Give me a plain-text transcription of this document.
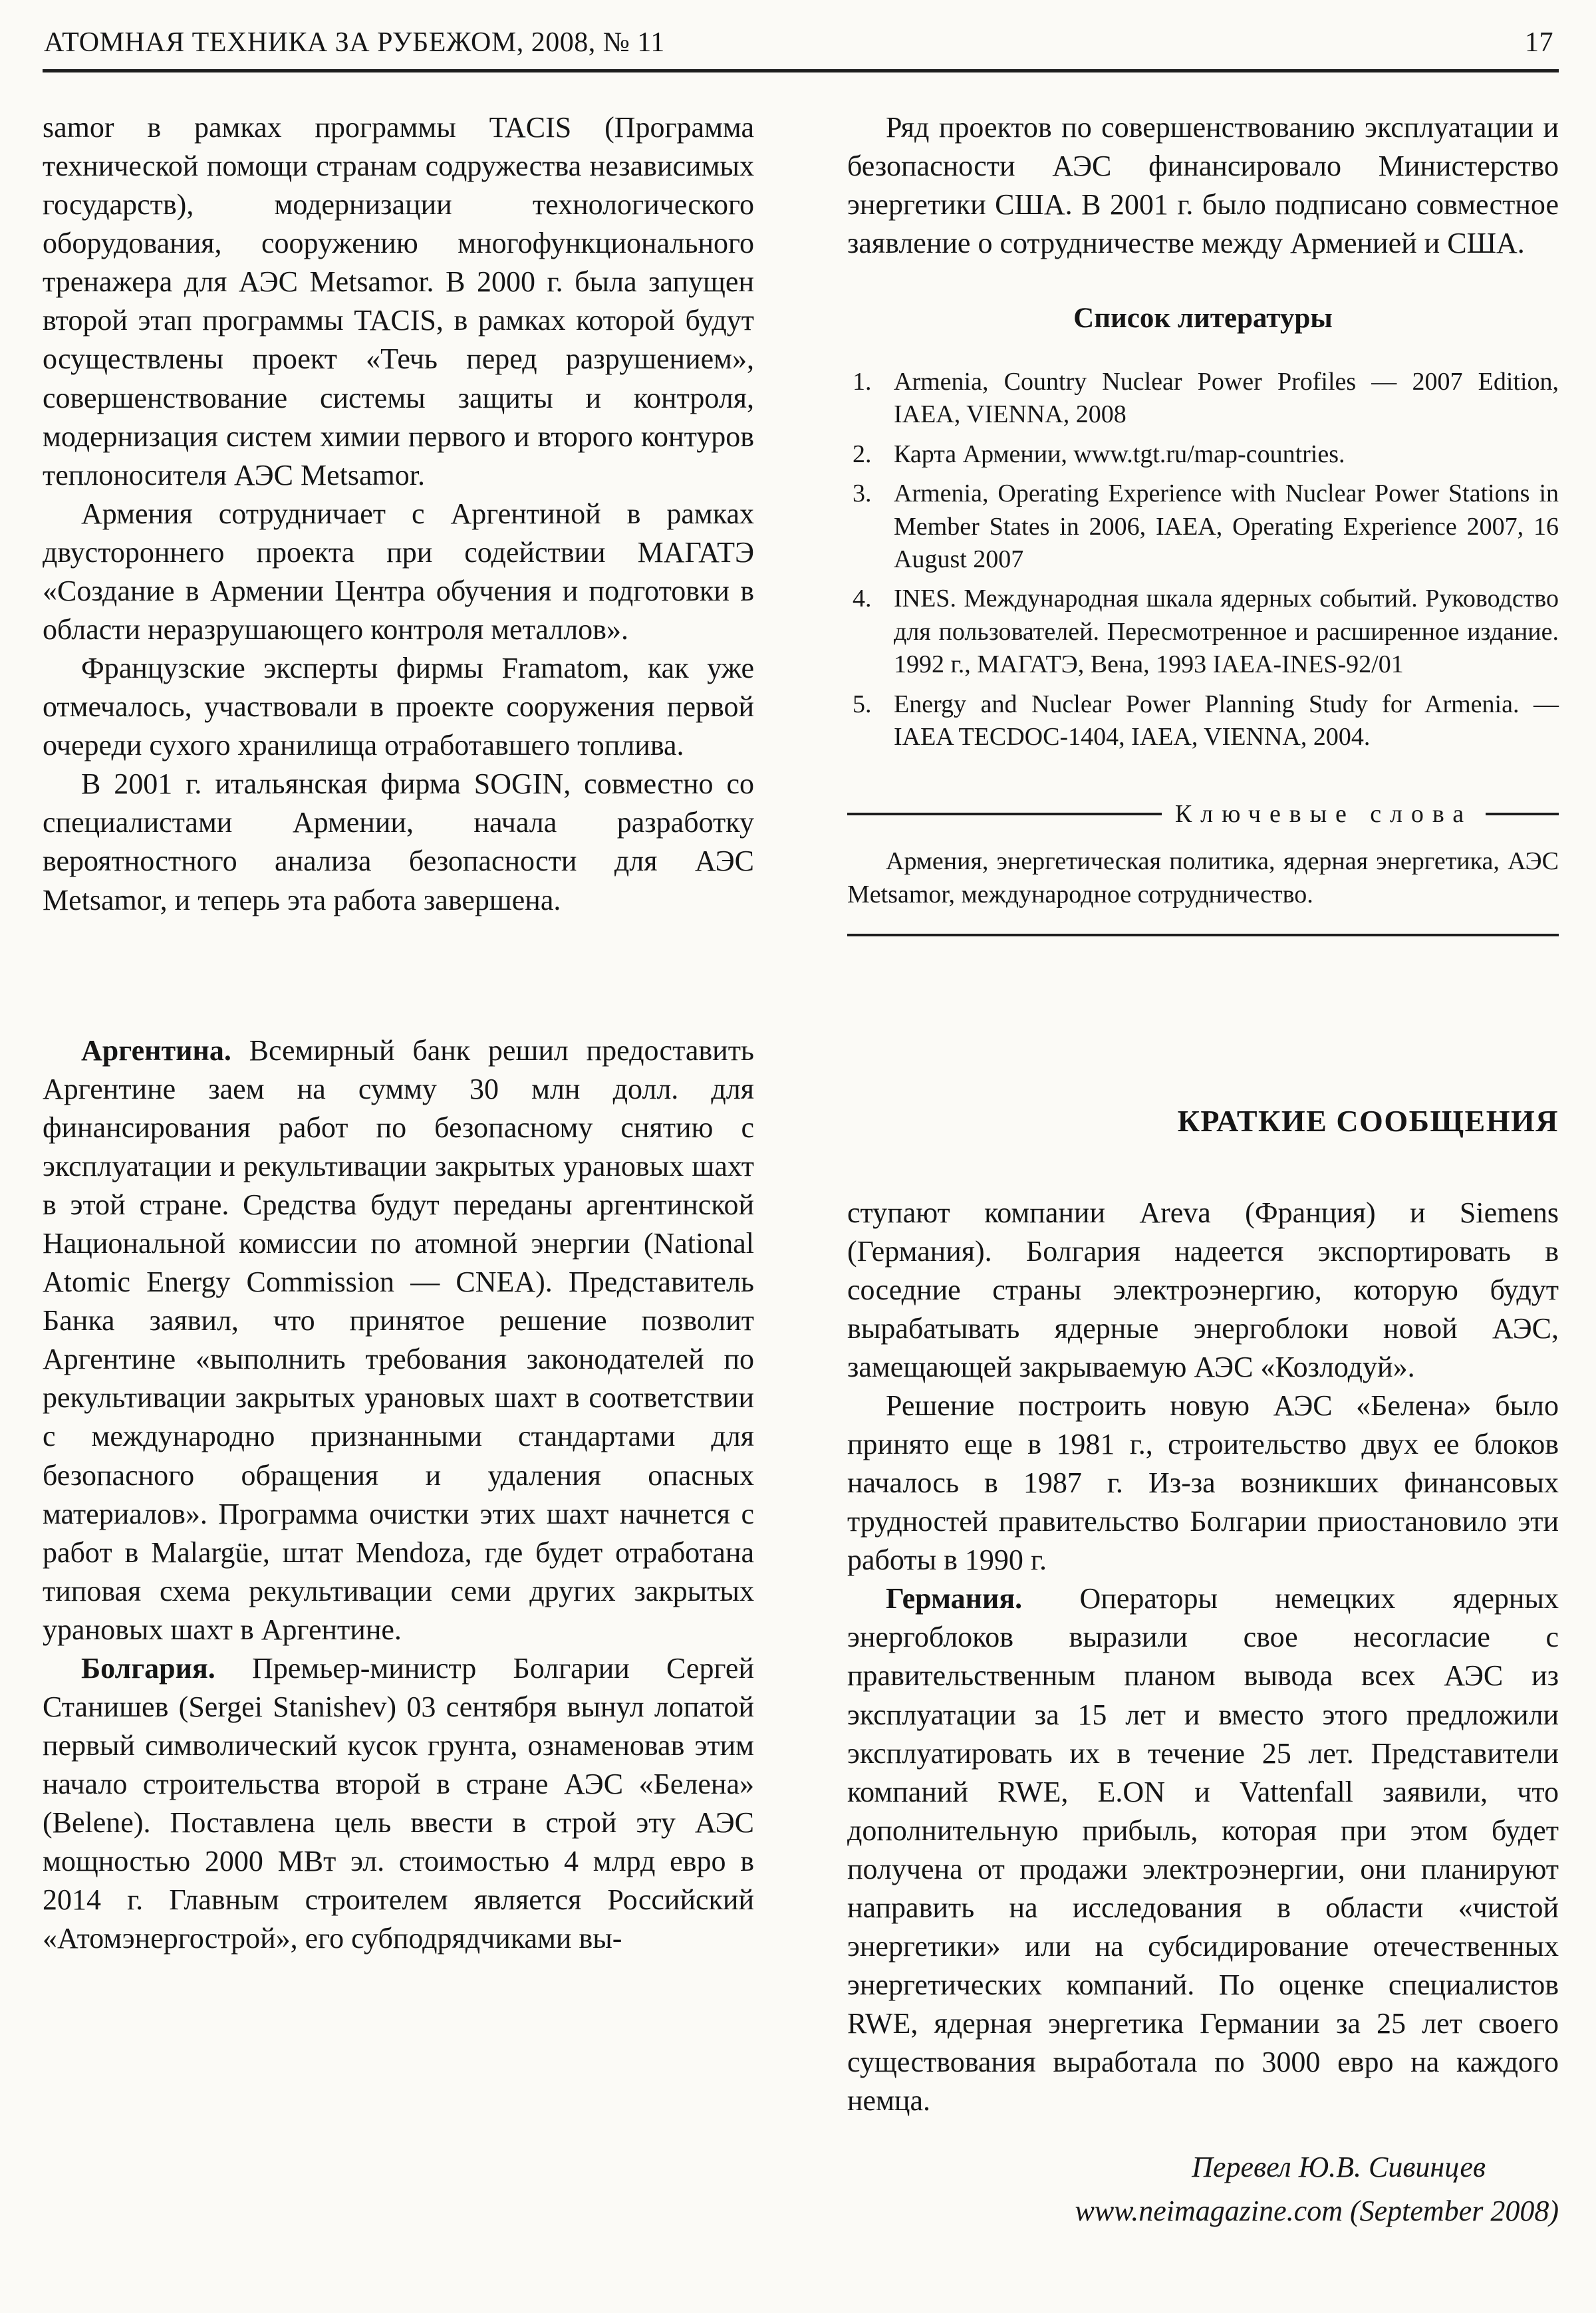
АТОМНАЯ ТЕХНИКА ЗА РУБЕЖОМ, 2008, № 11	17

samor в рамках программы TACIS (Программа технической помощи странам содружества независимых государств), модернизации технологического оборудования, сооружению многофункционального тренажера для АЭС Metsamor. В 2000 г. была запущен второй этап программы TACIS, в рамках которой будут осуществлены проект «Течь перед разрушением», совершенствование системы защиты и контроля, модернизация систем химии первого и второго контуров теплоносителя АЭС Metsamor.

Армения сотрудничает с Аргентиной в рамках двустороннего проекта при содействии МАГАТЭ «Создание в Армении Центра обучения и подготовки в области неразрушающего контроля металлов».

Французские эксперты фирмы Framatom, как уже отмечалось, участвовали в проекте сооружения первой очереди сухого хранилища отработавшего топлива.

В 2001 г. итальянская фирма SOGIN, совместно со специалистами Армении, начала разработку вероятностного анализа безопасности для АЭС Metsamor, и теперь эта работа завершена.

Аргентина. Всемирный банк решил предоставить Аргентине заем на сумму 30 млн долл. для финансирования работ по безопасному снятию с эксплуатации и рекультивации закрытых урановых шахт в этой стране. Средства будут переданы аргентинской Национальной комиссии по атомной энергии (National Atomic Energy Commission — CNEA). Представитель Банка заявил, что принятое решение позволит Аргентине «выполнить требования законодателей по рекультивации закрытых урановых шахт в соответствии с международно признанными стандартами для безопасного обращения и удаления опасных материалов». Программа очистки этих шахт начнется с работ в Malargüe, штат Mendoza, где будет отработана типовая схема рекультивации семи других закрытых урановых шахт в Аргентине.

Болгария. Премьер-министр Болгарии Сергей Станишев (Sergei Stanishev) 03 сентября вынул лопатой первый символический кусок грунта, ознаменовав этим начало строительства второй в стране АЭС «Белена» (Belene). Поставлена цель ввести в строй эту АЭС мощностью 2000 МВт эл. стоимостью 4 млрд евро в 2014 г. Главным строителем является Российский «Атомэнергострой», его субподрядчиками вы-

Ряд проектов по совершенствованию эксплуатации и безопасности АЭС финансировало Министерство энергетики США. В 2001 г. было подписано совместное заявление о сотрудничестве между Арменией и США.

Список литературы
1. Armenia, Country Nuclear Power Profiles — 2007 Edition, IAEA, VIENNA, 2008
2. Карта Армении, www.tgt.ru/map-countries.
3. Armenia, Operating Experience with Nuclear Power Stations in Member States in 2006, IAEA, Operating Experience 2007, 16 August 2007
4. INES. Международная шкала ядерных событий. Руководство для пользователей. Пересмотренное и расширенное издание. 1992 г., МАГАТЭ, Вена, 1993 IAEA-INES-92/01
5. Energy and Nuclear Power Planning Study for Armenia. — IAEA TECDOC-1404, IAEA, VIENNA, 2004.
Ключевые слова

Армения, энергетическая политика, ядерная энергетика, АЭС Metsamor, международное сотрудничество.

КРАТКИЕ СООБЩЕНИЯ

ступают компании Areva (Франция) и Siemens (Германия). Болгария надеется экспортировать в соседние страны электроэнергию, которую будут вырабатывать ядерные энергоблоки новой АЭС, замещающей закрываемую АЭС «Козлодуй».

Решение построить новую АЭС «Белена» было принято еще в 1981 г., строительство двух ее блоков началось в 1987 г. Из-за возникших финансовых трудностей правительство Болгарии приостановило эти работы в 1990 г.

Германия. Операторы немецких ядерных энергоблоков выразили свое несогласие с правительственным планом вывода всех АЭС из эксплуатации за 15 лет и вместо этого предложили эксплуатировать их в течение 25 лет. Представители компаний RWE, E.ON и Vattenfall заявили, что дополнительную прибыль, которая при этом будет получена от продажи электроэнергии, они планируют направить на исследования в области «чистой энергетики» или на субсидирование отечественных энергетических компаний. По оценке специалистов RWE, ядерная энергетика Германии за 25 лет своего существования выработала по 3000 евро на каждого немца.

Перевел Ю.В. Сивинцев
www.neimagazine.com (September 2008)
